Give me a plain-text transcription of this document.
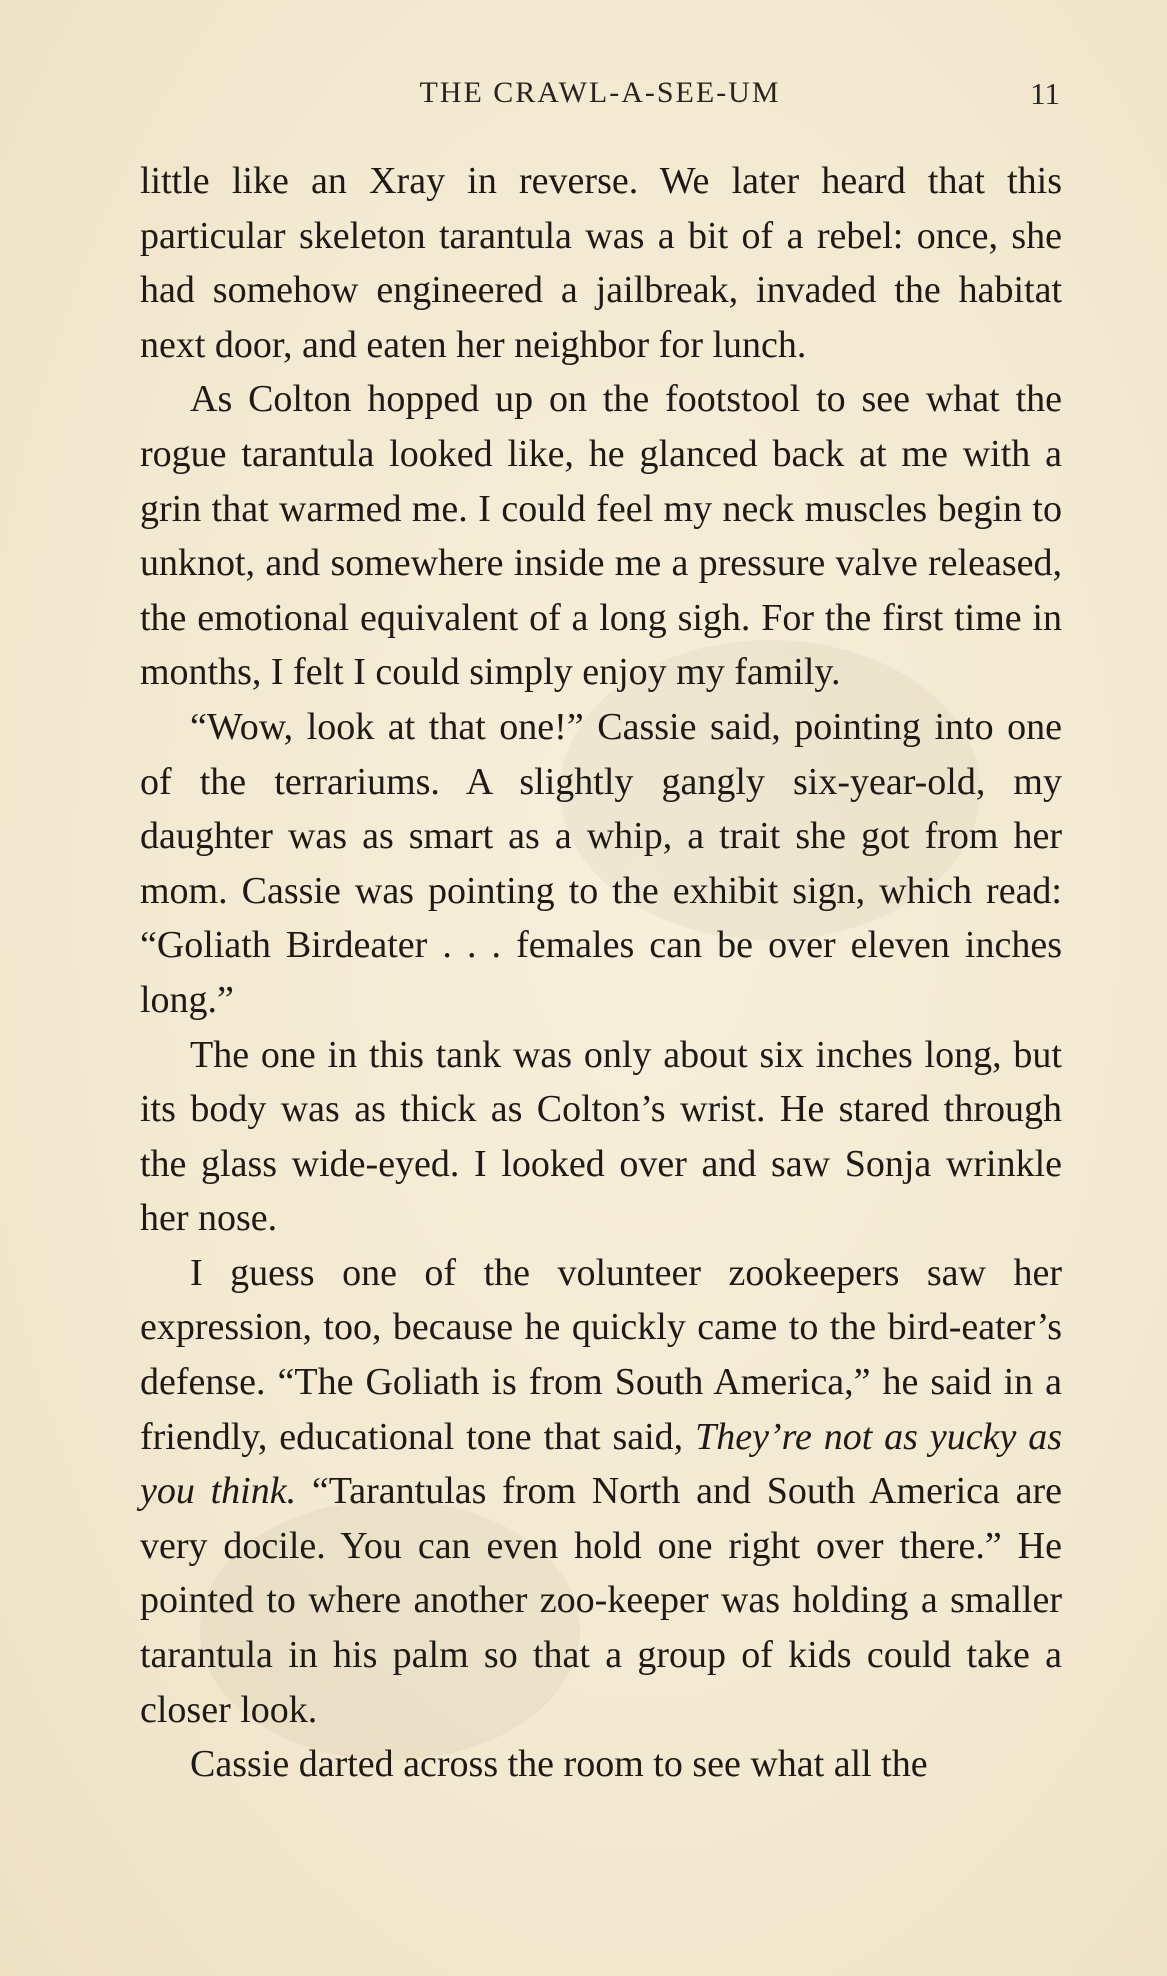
THE CRAWL-A-SEE-UM	11

little like an Xray in reverse. We later heard that this particular skeleton tarantula was a bit of a rebel: once, she had somehow engineered a jailbreak, invaded the habitat next door, and eaten her neighbor for lunch.

As Colton hopped up on the footstool to see what the rogue tarantula looked like, he glanced back at me with a grin that warmed me. I could feel my neck muscles begin to unknot, and somewhere inside me a pressure valve released, the emotional equivalent of a long sigh. For the first time in months, I felt I could simply enjoy my family.

“Wow, look at that one!” Cassie said, pointing into one of the terrariums. A slightly gangly six-year-old, my daughter was as smart as a whip, a trait she got from her mom. Cassie was pointing to the exhibit sign, which read: “Goliath Birdeater . . . females can be over eleven inches long.”

The one in this tank was only about six inches long, but its body was as thick as Colton’s wrist. He stared through the glass wide-eyed. I looked over and saw Sonja wrinkle her nose.

I guess one of the volunteer zookeepers saw her expression, too, because he quickly came to the bird-eater’s defense. “The Goliath is from South America,” he said in a friendly, educational tone that said, They’re not as yucky as you think. “Tarantulas from North and South America are very docile. You can even hold one right over there.” He pointed to where another zoo-keeper was holding a smaller tarantula in his palm so that a group of kids could take a closer look.

Cassie darted across the room to see what all the
